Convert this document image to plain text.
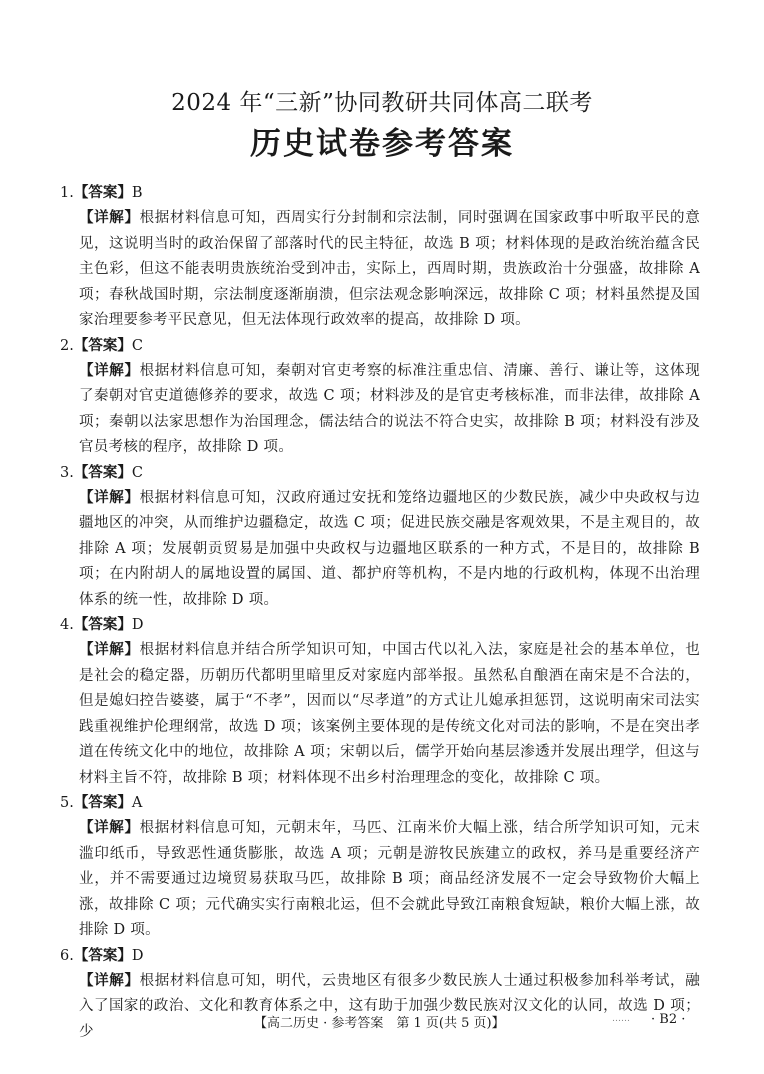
2024 年“三新”协同教研共同体高二联考
历史试卷参考答案
1.【答案】B
【详解】根据材料信息可知，西周实行分封制和宗法制，同时强调在国家政事中听取平民的意见，这说明当时的政治保留了部落时代的民主特征，故选 B 项；材料体现的是政治统治蕴含民主色彩，但这不能表明贵族统治受到冲击，实际上，西周时期，贵族政治十分强盛，故排除 A 项；春秋战国时期，宗法制度逐渐崩溃，但宗法观念影响深远，故排除 C 项；材料虽然提及国家治理要参考平民意见，但无法体现行政效率的提高，故排除 D 项。
2.【答案】C
【详解】根据材料信息可知，秦朝对官吏考察的标准注重忠信、清廉、善行、谦让等，这体现了秦朝对官吏道德修养的要求，故选 C 项；材料涉及的是官吏考核标准，而非法律，故排除 A 项；秦朝以法家思想作为治国理念，儒法结合的说法不符合史实，故排除 B 项；材料没有涉及官员考核的程序，故排除 D 项。
3.【答案】C
【详解】根据材料信息可知，汉政府通过安抚和笼络边疆地区的少数民族，减少中央政权与边疆地区的冲突，从而维护边疆稳定，故选 C 项；促进民族交融是客观效果，不是主观目的，故排除 A 项；发展朝贡贸易是加强中央政权与边疆地区联系的一种方式，不是目的，故排除 B 项；在内附胡人的属地设置的属国、道、都护府等机构，不是内地的行政机构，体现不出治理体系的统一性，故排除 D 项。
4.【答案】D
【详解】根据材料信息并结合所学知识可知，中国古代以礼入法，家庭是社会的基本单位，也是社会的稳定器，历朝历代都明里暗里反对家庭内部举报。虽然私自酿酒在南宋是不合法的，但是媳妇控告婆婆，属于“不孝”，因而以“尽孝道”的方式让儿媳承担惩罚，这说明南宋司法实践重视维护伦理纲常，故选 D 项；该案例主要体现的是传统文化对司法的影响，不是在突出孝道在传统文化中的地位，故排除 A 项；宋朝以后，儒学开始向基层渗透并发展出理学，但这与材料主旨不符，故排除 B 项；材料体现不出乡村治理理念的变化，故排除 C 项。
5.【答案】A
【详解】根据材料信息可知，元朝末年，马匹、江南米价大幅上涨，结合所学知识可知，元末滥印纸币，导致恶性通货膨胀，故选 A 项；元朝是游牧民族建立的政权，养马是重要经济产业，并不需要通过边境贸易获取马匹，故排除 B 项；商品经济发展不一定会导致物价大幅上涨，故排除 C 项；元代确实实行南粮北运，但不会就此导致江南粮食短缺，粮价大幅上涨，故排除 D 项。
6.【答案】D
【详解】根据材料信息可知，明代，云贵地区有很多少数民族人士通过积极参加科举考试，融入了国家的政治、文化和教育体系之中，这有助于加强少数民族对汉文化的认同，故选 D 项；少	【高二历史 · 参考答案　第 1 页(共 5 页)】	…… · B2 ·
